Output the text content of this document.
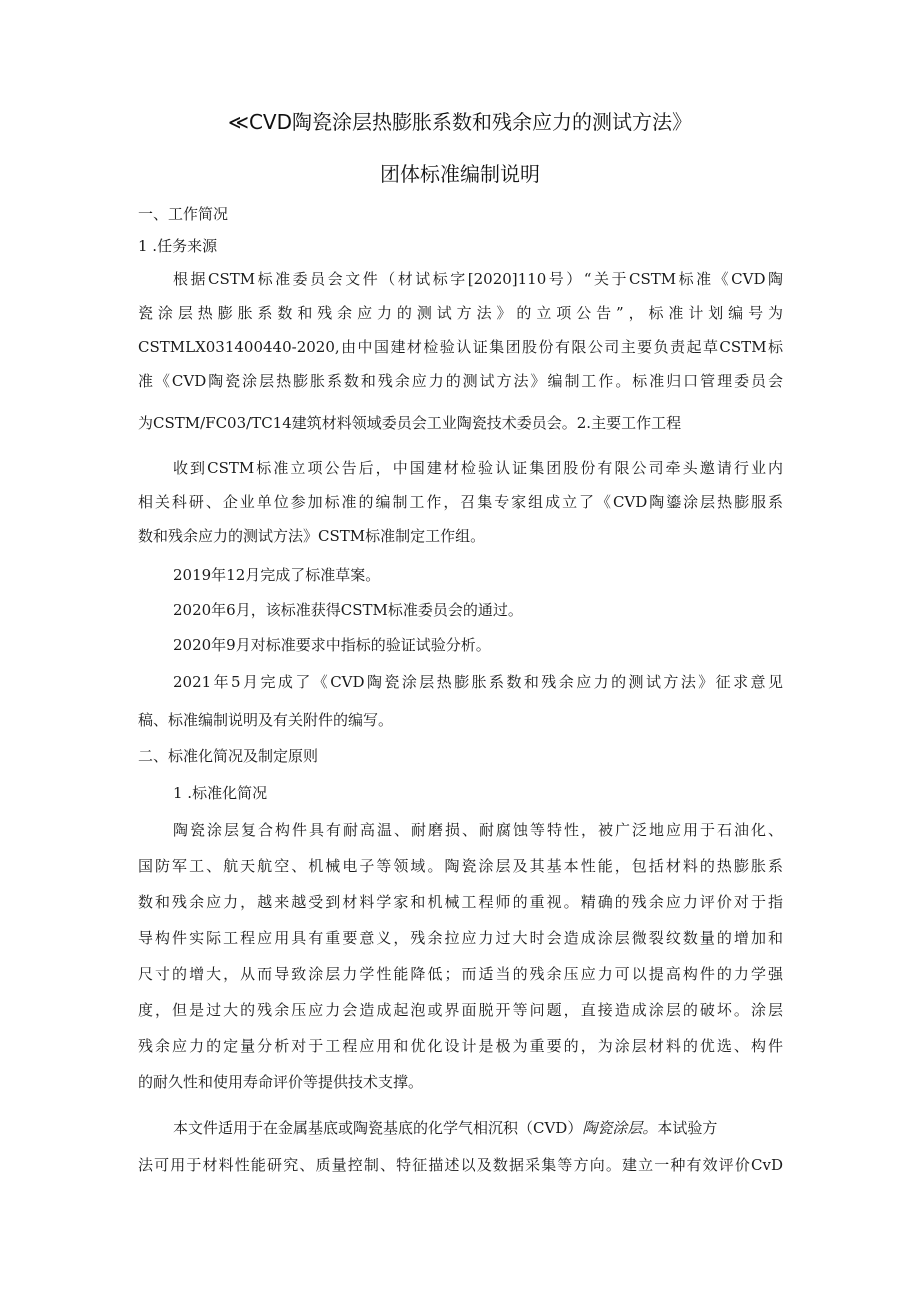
≪CVD陶瓷涂层热膨胀系数和残余应力的测试方法》
团体标准编制说明
一、工作简况
1 .任务来源
根据CSTM标准委员会文件（材试标字[2020]110号）“关于CSTM标准《CVD陶
瓷涂层热膨胀系数和残余应力的测试方法》的立项公告”，标准计划编号为
CSTMLX031400440-2020,由中国建材检验认证集团股份有限公司主要负责起草CSTM标
准《CVD陶瓷涂层热膨胀系数和残余应力的测试方法》编制工作。标准归口管理委员会
为CSTM/FC03/TC14建筑材料领域委员会工业陶瓷技术委员会。2.主要工作工程
收到CSTM标准立项公告后，中国建材检验认证集团股份有限公司牵头邀请行业内
相关科研、企业单位参加标准的编制工作，召集专家组成立了《CVD陶鎏涂层热膨服系
数和残余应力的测试方法》CSTM标准制定工作组。
2019年12月完成了标准草案。
2020年6月，该标准获得CSTM标准委员会的通过。
2020年9月对标准要求中指标的验证试验分析。
2021年5月完成了《CVD陶瓷涂层热膨胀系数和残余应力的测试方法》征求意见
稿、标准编制说明及有关附件的编写。
二、标准化简况及制定原则
1 .标准化简况
陶瓷涂层复合构件具有耐高温、耐磨损、耐腐蚀等特性，被广泛地应用于石油化、
国防军工、航天航空、机械电子等领域。陶瓷涂层及其基本性能，包括材料的热膨胀系
数和残余应力，越来越受到材料学家和机械工程师的重视。精确的残余应力评价对于指
导构件实际工程应用具有重要意义，残余拉应力过大时会造成涂层微裂纹数量的增加和
尺寸的增大，从而导致涂层力学性能降低；而适当的残余压应力可以提高构件的力学强
度，但是过大的残余压应力会造成起泡或界面脱开等问题，直接造成涂层的破坏。涂层
残余应力的定量分析对于工程应用和优化设计是极为重要的，为涂层材料的优选、构件
的耐久性和使用寿命评价等提供技术支撑。
本文件适用于在金属基底或陶瓷基底的化学气相沉积（CVD）陶瓷涂层。本试验方
法可用于材料性能研究、质量控制、特征描述以及数据采集等方向。建立一种有效评价CvD
